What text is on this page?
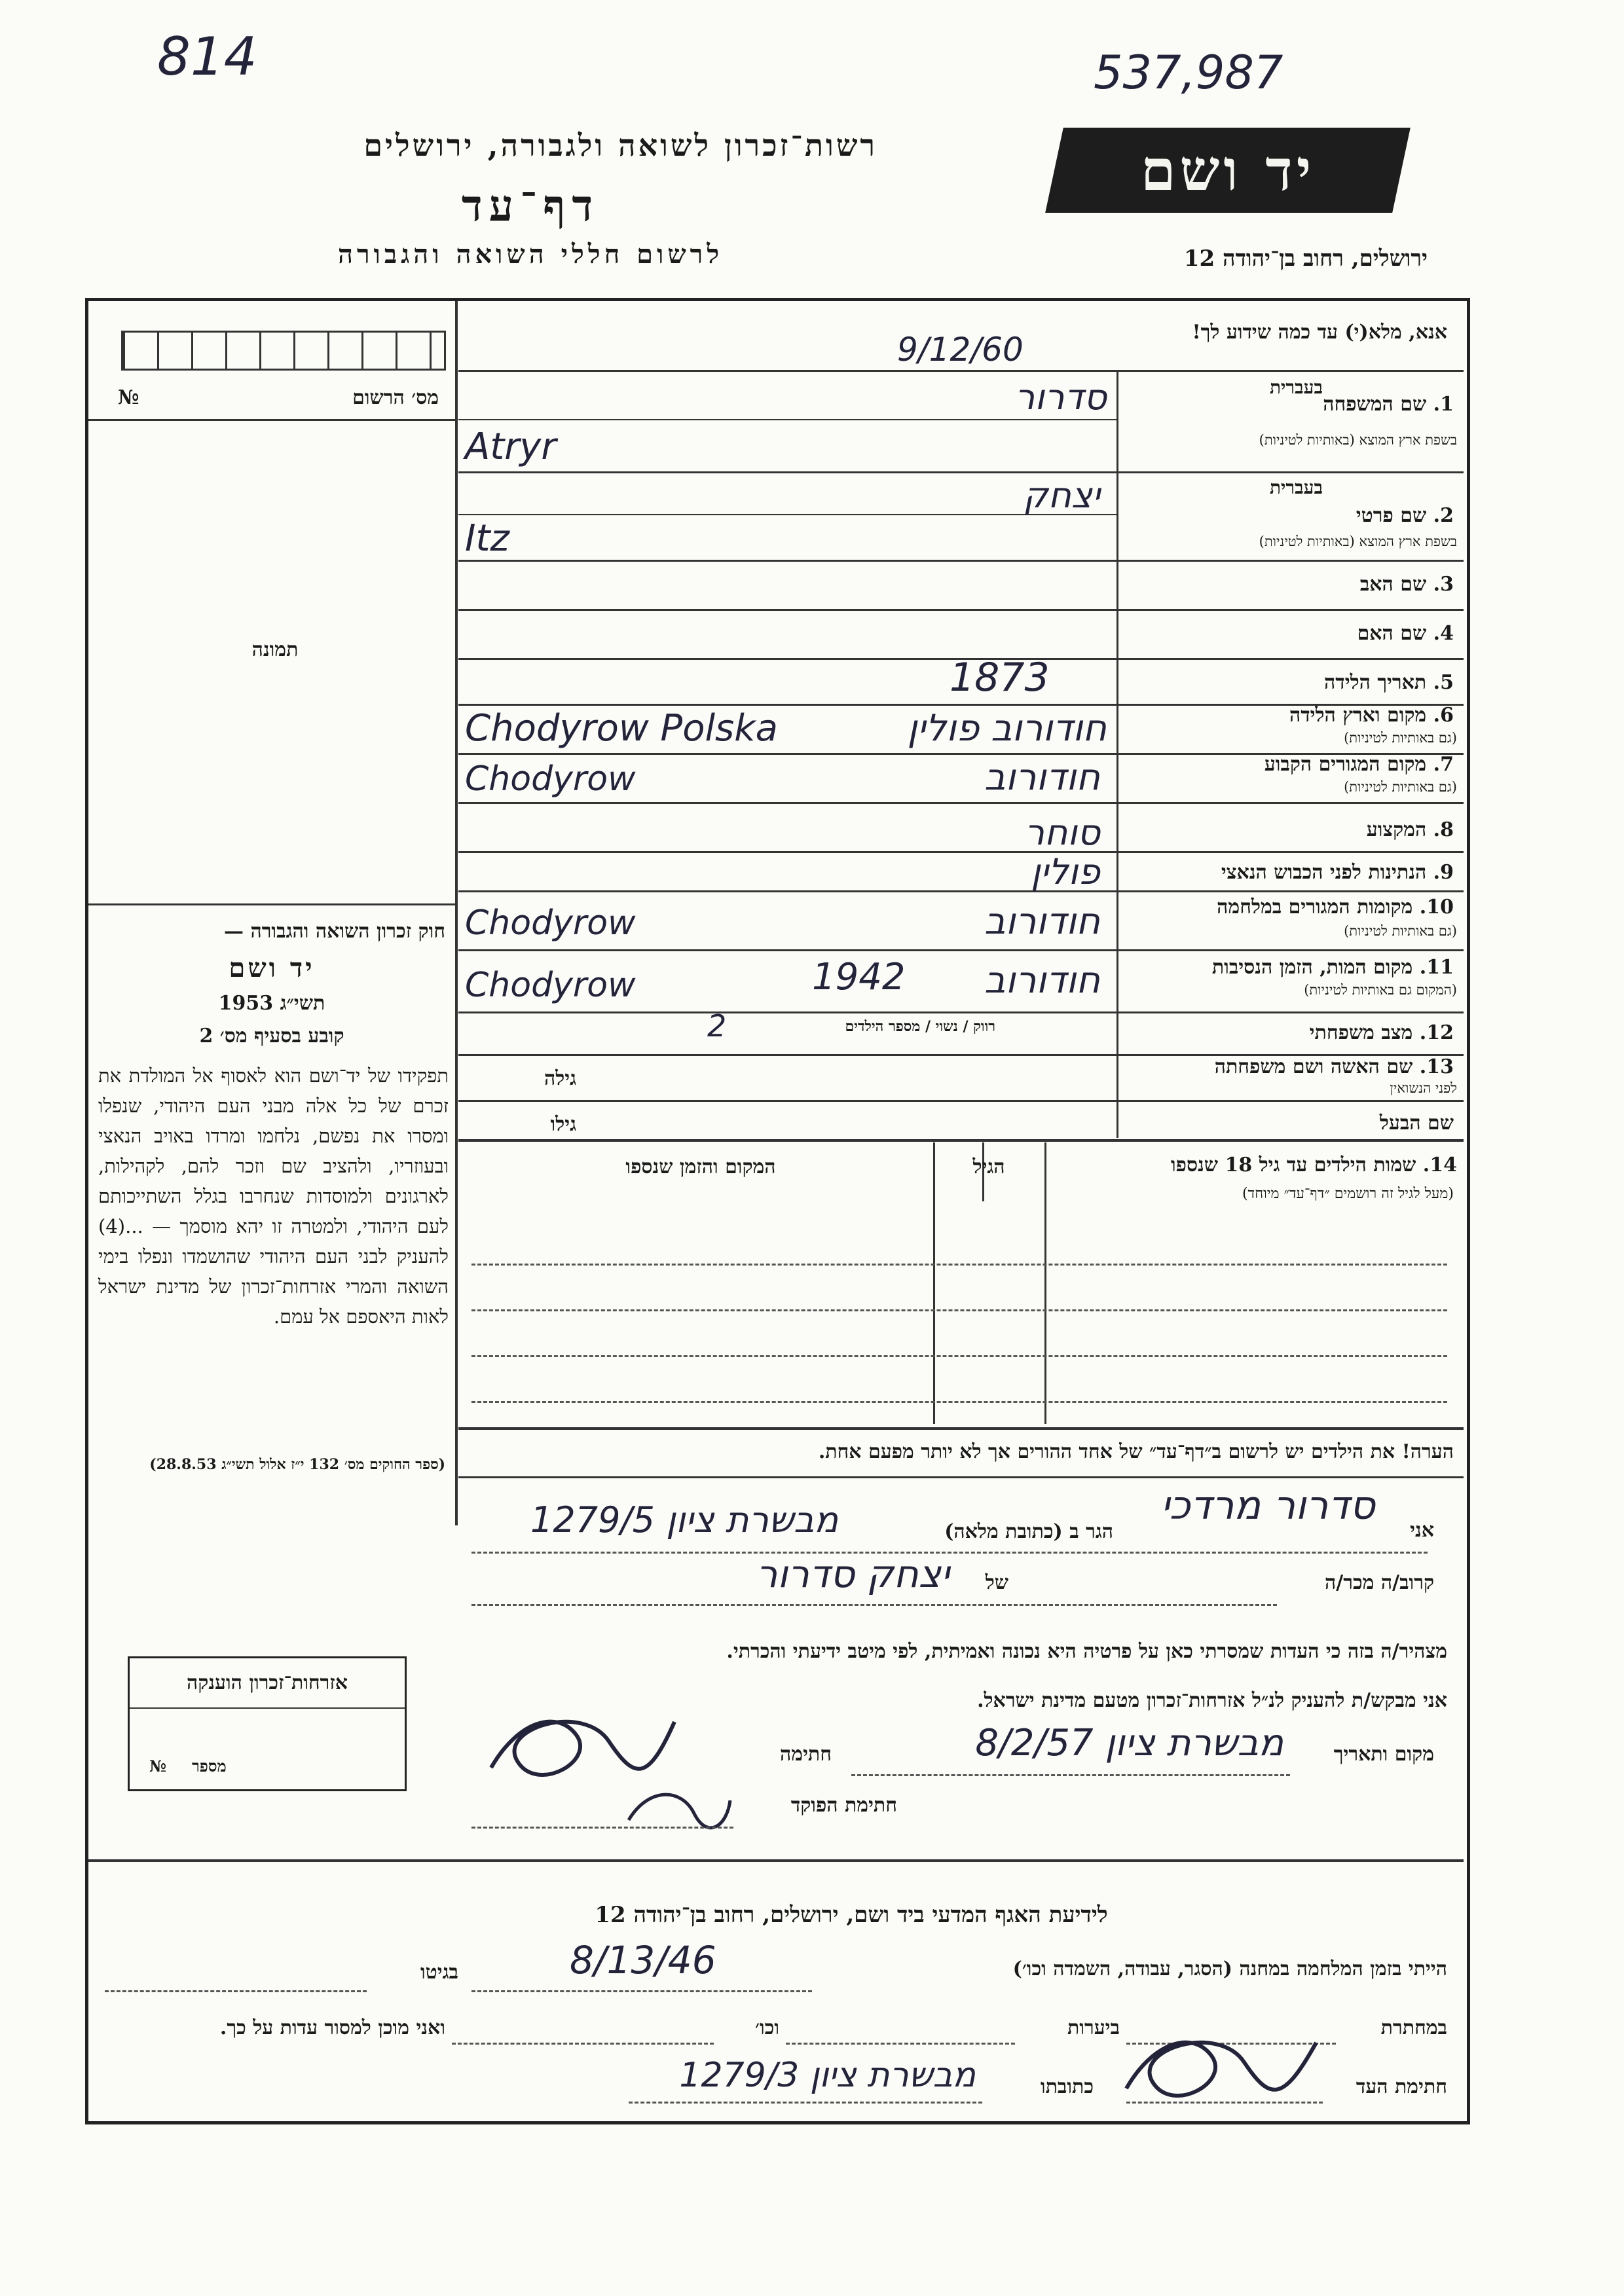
814	537,987
רשות־זכרון לשואה ולגבורה, ירושלים
דף־עד
לרשום חללי השואה והגבורה
יד ושם
ירושלים, רחוב בן־יהודה 12
מס׳ הרשום
№
תמונה
חוק זכרון השואה והגבורה —
יד ושם
תשי״ג 1953
קובע בסעיף מס׳ 2
תפקידו של יד־ושם הוא לאסוף אל המולדת את זכרם של כל אלה מבני העם היהודי, שנפלו ומסרו את נפשם, נלחמו ומרדו באויב הנאצי ובעוזריו, ולהציב שם וזכר להם, לקהילות, לארגונים ולמוסדות שנחרבו בגלל השתייכותם לעם היהודי, ולמטרה זו יהא מוסמך — ...(4) להעניק לבני העם היהודי שהושמדו ונפלו בימי השואה והמרי אזרחות־זכרון של מדינת ישראל לאות היאספם אל עמם.
(ספר החוקים מס׳ 132 י״ז אלול תשי״ג 28.8.53)
אנא, מלא(י) עד כמה שידוע לך!
9/12/60
1. שם המשפחה
בעברית
בשפת ארץ המוצא (באותיות לטיניות)
סדרור
Atryr
בעברית
2. שם פרטי
בשפת ארץ המוצא (באותיות לטיניות)
יצחק
Itz
3. שם האב
4. שם האם
5. תאריך הלידה
1873
6. מקום וארץ הלידה
(גם באותיות לטיניות)
חודורוב פולין
Chodyrow Polska
7. מקום המגורים הקבוע
(גם באותיות לטיניות)
חודורוב
Chodyrow
8. המקצוע
סוחר
9. הנתינות לפני הכבוש הנאצי
פולין
10. מקומות המגורים במלחמה
(גם באותיות לטיניות)
חודורוב
Chodyrow
11. מקום המות, הזמן הנסיבות
(המקום גם באותיות לטיניות)
חודורוב
1942
Chodyrow
12. מצב משפחתי
רווק / נשוי / מספר הילדים
2
13. שם האשה ושם משפחתה
לפני הנשואין
גילה
שם הבעל
גילו
14. שמות הילדים עד גיל 18 שנספו
(מעל לגיל זה רושמים ״דף־עד״ מיוחד)
הגיל
המקום והזמן שנספו
הערה! את הילדים יש לרשום ב״דף־עד״ של אחד ההורים אך לא יותר מפעם אחת.
אני
סדרור מרדכי
הגר ב (כתובת מלאה)
מבשרת ציון 1279/5
קרוב/ה מכר/ה
של
יצחק סדרור
מצהיר/ה בזה כי העדות שמסרתי כאן על פרטיה היא נכונה ואמיתית, לפי מיטב ידיעתי והכרתי.
אני מבקש/ת להעניק לנ״ל אזרחות־זכרון מטעם מדינת ישראל.
מקום ותאריך
מבשרת ציון 8/2/57
חתימה
חתימת הפוקד
אזרחות־זכרון הוענקה
מספר
№
לידיעת האגף המדעי ביד ושם, ירושלים, רחוב בן־יהודה 12
הייתי בזמן המלחמה במחנה (הסגר, עבודה, השמדה וכו׳)
8/13/46
בגיטו
במחתרת
ביערות
וכו׳
ואני מוכן למסור עדות על כך.
חתימת העד
כתובתו
מבשרת ציון 1279/3
